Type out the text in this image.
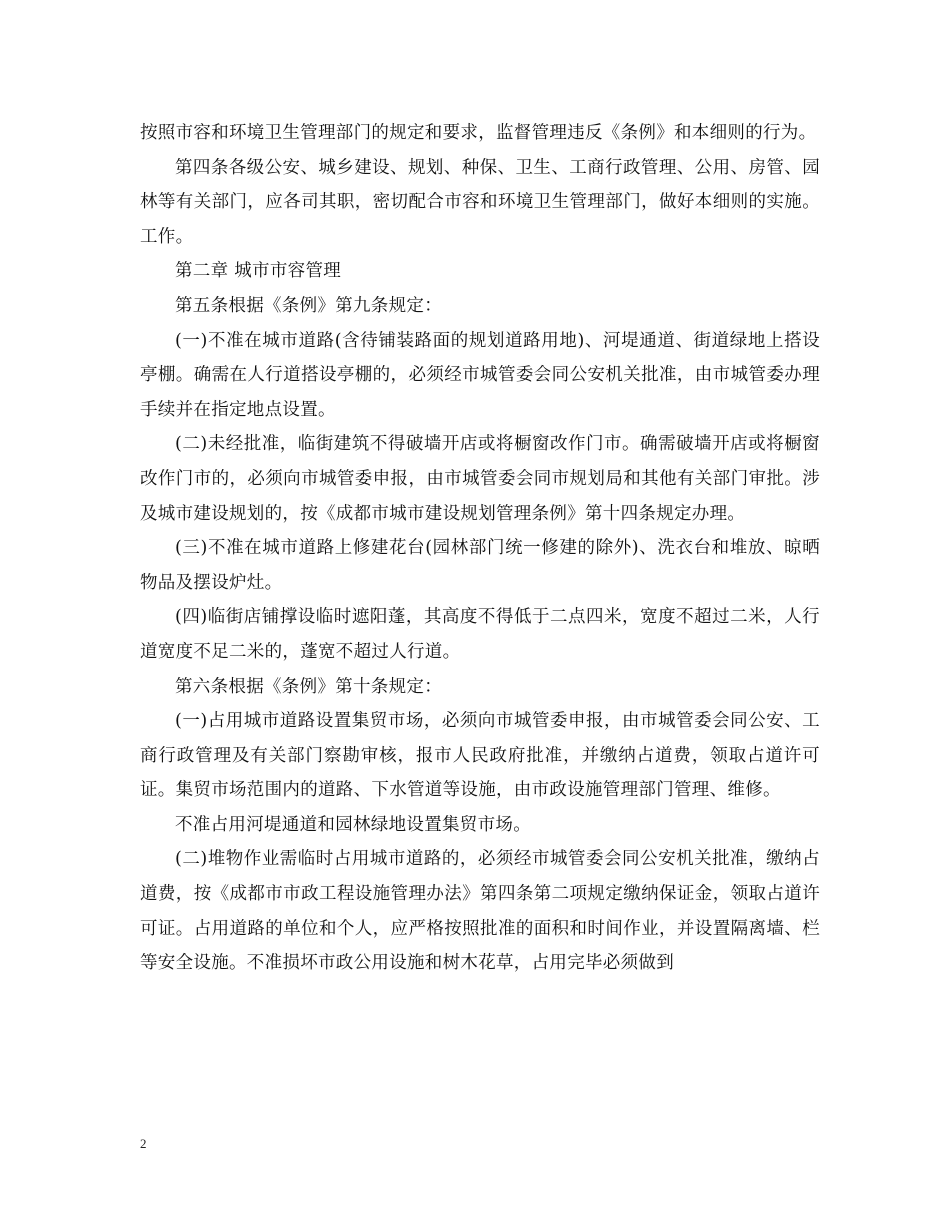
按照市容和环境卫生管理部门的规定和要求，监督管理违反《条例》和本细则的行为。

第四条各级公安、城乡建设、规划、种保、卫生、工商行政管理、公用、房管、园林等有关部门，应各司其职，密切配合市容和环境卫生管理部门，做好本细则的实施。工作。

第二章 城市市容管理

第五条根据《条例》第九条规定：

(一)不准在城市道路(含待铺装路面的规划道路用地)、河堤通道、街道绿地上搭设亭棚。确需在人行道搭设亭棚的，必须经市城管委会同公安机关批准，由市城管委办理手续并在指定地点设置。

(二)未经批准，临街建筑不得破墙开店或将橱窗改作门市。确需破墙开店或将橱窗改作门市的，必须向市城管委申报，由市城管委会同市规划局和其他有关部门审批。涉及城市建设规划的，按《成都市城市建设规划管理条例》第十四条规定办理。

(三)不准在城市道路上修建花台(园林部门统一修建的除外)、洗衣台和堆放、晾晒物品及摆设炉灶。

(四)临街店铺撑设临时遮阳蓬，其高度不得低于二点四米，宽度不超过二米，人行道宽度不足二米的，蓬宽不超过人行道。

第六条根据《条例》第十条规定：

(一)占用城市道路设置集贸市场，必须向市城管委申报，由市城管委会同公安、工商行政管理及有关部门察勘审核，报市人民政府批准，并缴纳占道费，领取占道许可证。集贸市场范围内的道路、下水管道等设施，由市政设施管理部门管理、维修。

不准占用河堤通道和园林绿地设置集贸市场。

(二)堆物作业需临时占用城市道路的，必须经市城管委会同公安机关批准，缴纳占道费，按《成都市市政工程设施管理办法》第四条第二项规定缴纳保证金，领取占道许可证。占用道路的单位和个人，应严格按照批准的面积和时间作业，并设置隔离墙、栏等安全设施。不准损坏市政公用设施和树木花草，占用完毕必须做到

2
